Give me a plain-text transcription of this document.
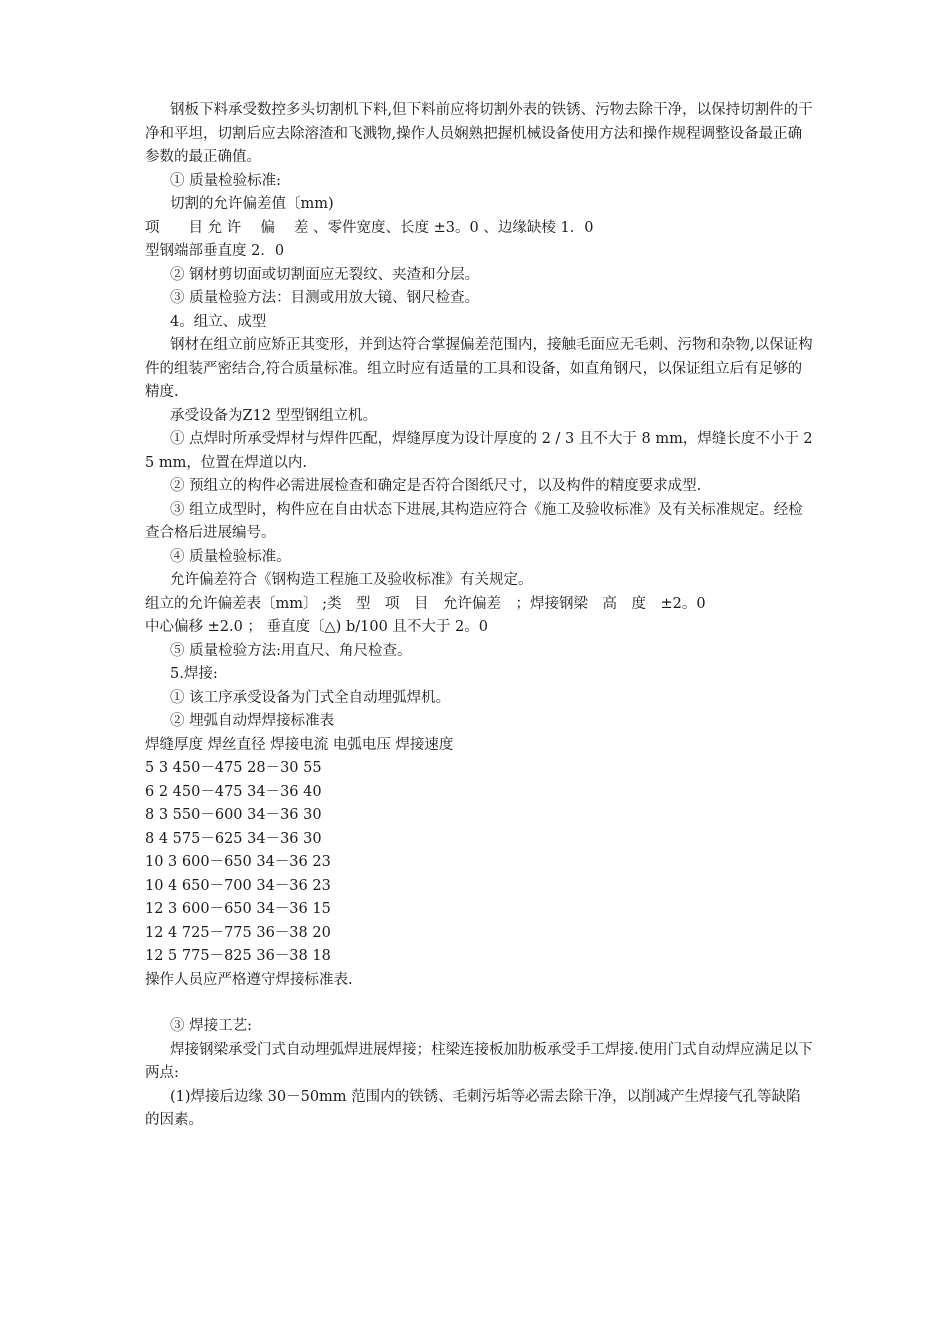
钢板下料承受数控多头切割机下料,但下料前应将切割外表的铁锈、污物去除干净，以保持切割件的干净和平坦，切割后应去除溶渣和飞溅物,操作人员娴熟把握机械设备使用方法和操作规程调整设备最正确参数的最正确值。

① 质量检验标准:

切割的允许偏差值〔mm)

项　　目 允 许　 偏　 差 、零件宽度、长度 ±3。0 、边缘缺棱 1．0

型钢端部垂直度 2．0

② 钢材剪切面或切割面应无裂纹、夹渣和分层。

③ 质量检验方法：目测或用放大镜、钢尺检查。

4。组立、成型

钢材在组立前应矫正其变形，并到达符合掌握偏差范围内，接触毛面应无毛刺、污物和杂物,以保证构件的组装严密结合,符合质量标准。组立时应有适量的工具和设备，如直角钢尺，以保证组立后有足够的精度.

承受设备为Z12 型型钢组立机。

① 点焊时所承受焊材与焊件匹配，焊缝厚度为设计厚度的 2 / 3 且不大于 8 mm，焊缝长度不小于 25 mm，位置在焊道以内.

② 预组立的构件必需进展检查和确定是否符合图纸尺寸，以及构件的精度要求成型.

③ 组立成型时，构件应在自由状态下进展,其构造应符合《施工及验收标准》及有关标准规定。经检查合格后进展编号。

④ 质量检验标准。

允许偏差符合《钢构造工程施工及验收标准》有关规定。

组立的允许偏差表〔mm〕 ;类　型　项　目　允许偏差　；焊接钢梁　高　度　±2。0

中心偏移 ±2.0 ； 垂直度〔△) b/100 且不大于 2。0

⑤ 质量检验方法:用直尺、角尺检查。

5.焊接:

① 该工序承受设备为门式全自动埋弧焊机。

② 埋弧自动焊焊接标准表

焊缝厚度 焊丝直径 焊接电流 电弧电压 焊接速度

5 3 450－475 28－30 55

6 2 450－475 34－36 40

8 3 550－600 34－36 30

8 4 575－625 34－36 30

10 3 600－650 34－36 23

10 4 650－700 34－36 23

12 3 600－650 34－36 15

12 4 725－775 36－38 20

12 5 775－825 36－38 18

操作人员应严格遵守焊接标准表.

③ 焊接工艺:

焊接钢梁承受门式自动埋弧焊进展焊接；柱梁连接板加肋板承受手工焊接.使用门式自动焊应满足以下两点:

(1)焊接后边缘 30－50mm 范围内的铁锈、毛刺污垢等必需去除干净，以削减产生焊接气孔等缺陷的因素。
